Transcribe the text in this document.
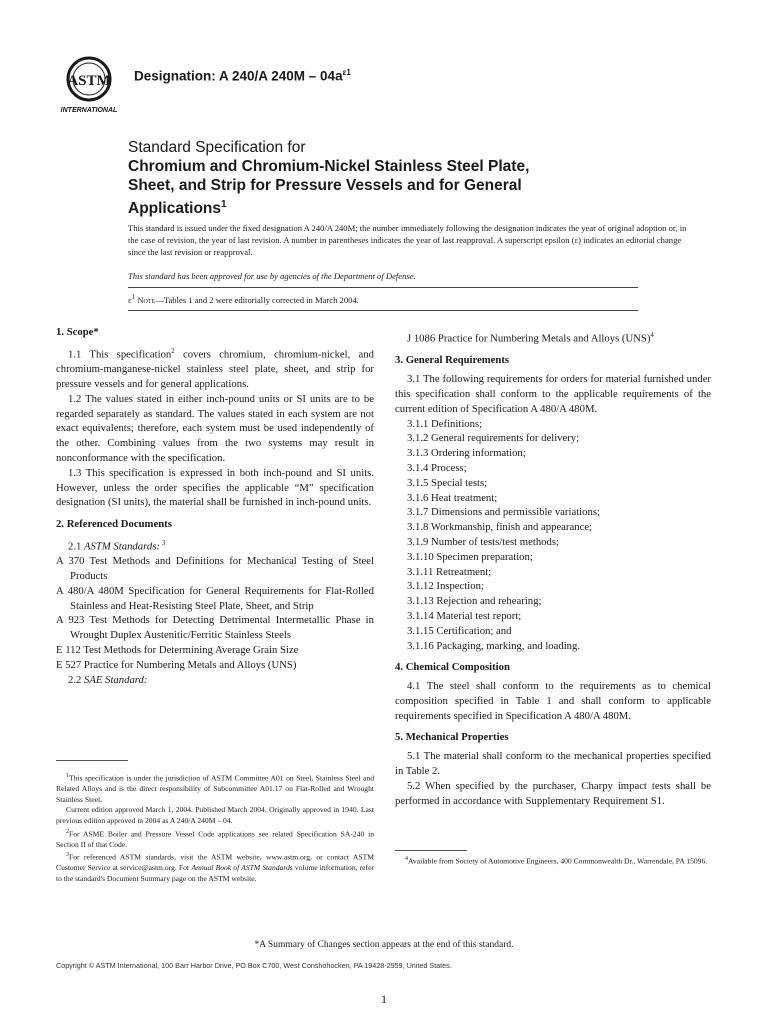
ASTM
INTERNATIONAL
Designation: A 240/A $240M - 04a^{\varepsilon 1}$
Standard Specification for
Chromium and Chromium-Nickel Stainless Steel Plate,
Sheet, and Strip for Pressure Vessels and for General
Applications$^1$
This standard is issued under the fixed designation A 240/A 240M; the number immediately following the designation indicates the year of original adoption or, in the case of revision, the year of last revision. A number in parentheses indicates the year of last reapproval. A superscript epsilon (ε) indicates an editorial change since the last revision or reapproval.
This standard has been approved for use by agencies of the Department of Defense.
$\varepsilon^1$ Note—Tables 1 and 2 were editorially corrected in March 2004.
1. Scope*

1.1 This specification$^2$ covers chromium, chromium-nickel, and chromium-manganese-nickel stainless steel plate, sheet, and strip for pressure vessels and for general applications.

1.2 The values stated in either inch-pound units or SI units are to be regarded separately as standard. The values stated in each system are not exact equivalents; therefore, each system must be used independently of the other. Combining values from the two systems may result in nonconformance with the specification.

1.3 This specification is expressed in both inch-pound and SI units. However, unless the order specifies the applicable “M” specification designation (SI units), the material shall be furnished in inch-pound units.

2. Referenced Documents
2.1 ASTM Standards: $^3$
A 370 Test Methods and Definitions for Mechanical Testing of Steel Products
A 480/A 480M Specification for General Requirements for Flat-Rolled Stainless and Heat-Resisting Steel Plate, Sheet, and Strip
A 923 Test Methods for Detecting Detrimental Intermetallic Phase in Wrought Duplex Austenitic/Ferritic Stainless Steels
E 112 Test Methods for Determining Average Grain Size
E 527 Practice for Numbering Metals and Alloys (UNS)
2.2 SAE Standard:

$^1$This specification is under the jurisdiction of ASTM Committee A01 on Steel, Stainless Steel and Related Alloys and is the direct responsibility of Subcommittee A01.17 on Flat-Rolled and Wrought Stainless Steel.

Current edition approved March 1, 2004. Published March 2004. Originally approved in 1940. Last previous edition approved in 2004 as A 240/A 240M – 04.

$^2$For ASME Boiler and Pressure Vessel Code applications see related Specification SA-240 in Section II of that Code.

$^3$For referenced ASTM standards, visit the ASTM website, www.astm.org, or contact ASTM Customer Service at service@astm.org. For Annual Book of ASTM Standards volume information, refer to the standard's Document Summary page on the ASTM website.

J 1086 Practice for Numbering Metals and Alloys (UNS)$^4$
3. General Requirements

3.1 The following requirements for orders for material furnished under this specification shall conform to the applicable requirements of the current edition of Specification A 480/A 480M.

3.1.1 Definitions;
3.1.2 General requirements for delivery;
3.1.3 Ordering information;
3.1.4 Process;
3.1.5 Special tests;
3.1.6 Heat treatment;
3.1.7 Dimensions and permissible variations;
3.1.8 Workmanship, finish and appearance;
3.1.9 Number of tests/test methods;
3.1.10 Specimen preparation;
3.1.11 Retreatment;
3.1.12 Inspection;
3.1.13 Rejection and rehearing;
3.1.14 Material test report;
3.1.15 Certification; and
3.1.16 Packaging, marking, and loading.
4. Chemical Composition

4.1 The steel shall conform to the requirements as to chemical composition specified in Table 1 and shall conform to applicable requirements specified in Specification A 480/A 480M.

5. Mechanical Properties

5.1 The material shall conform to the mechanical properties specified in Table 2.

5.2 When specified by the purchaser, Charpy impact tests shall be performed in accordance with Supplementary Requirement S1.

$^4$Available from Society of Automotive Engineers, 400 Commonwealth Dr., Warrendale, PA 15096.

*A Summary of Changes section appears at the end of this standard.
Copyright © ASTM International, 100 Barr Harbor Drive, PO Box C700, West Conshohocken, PA 19428-2959, United States.
1
